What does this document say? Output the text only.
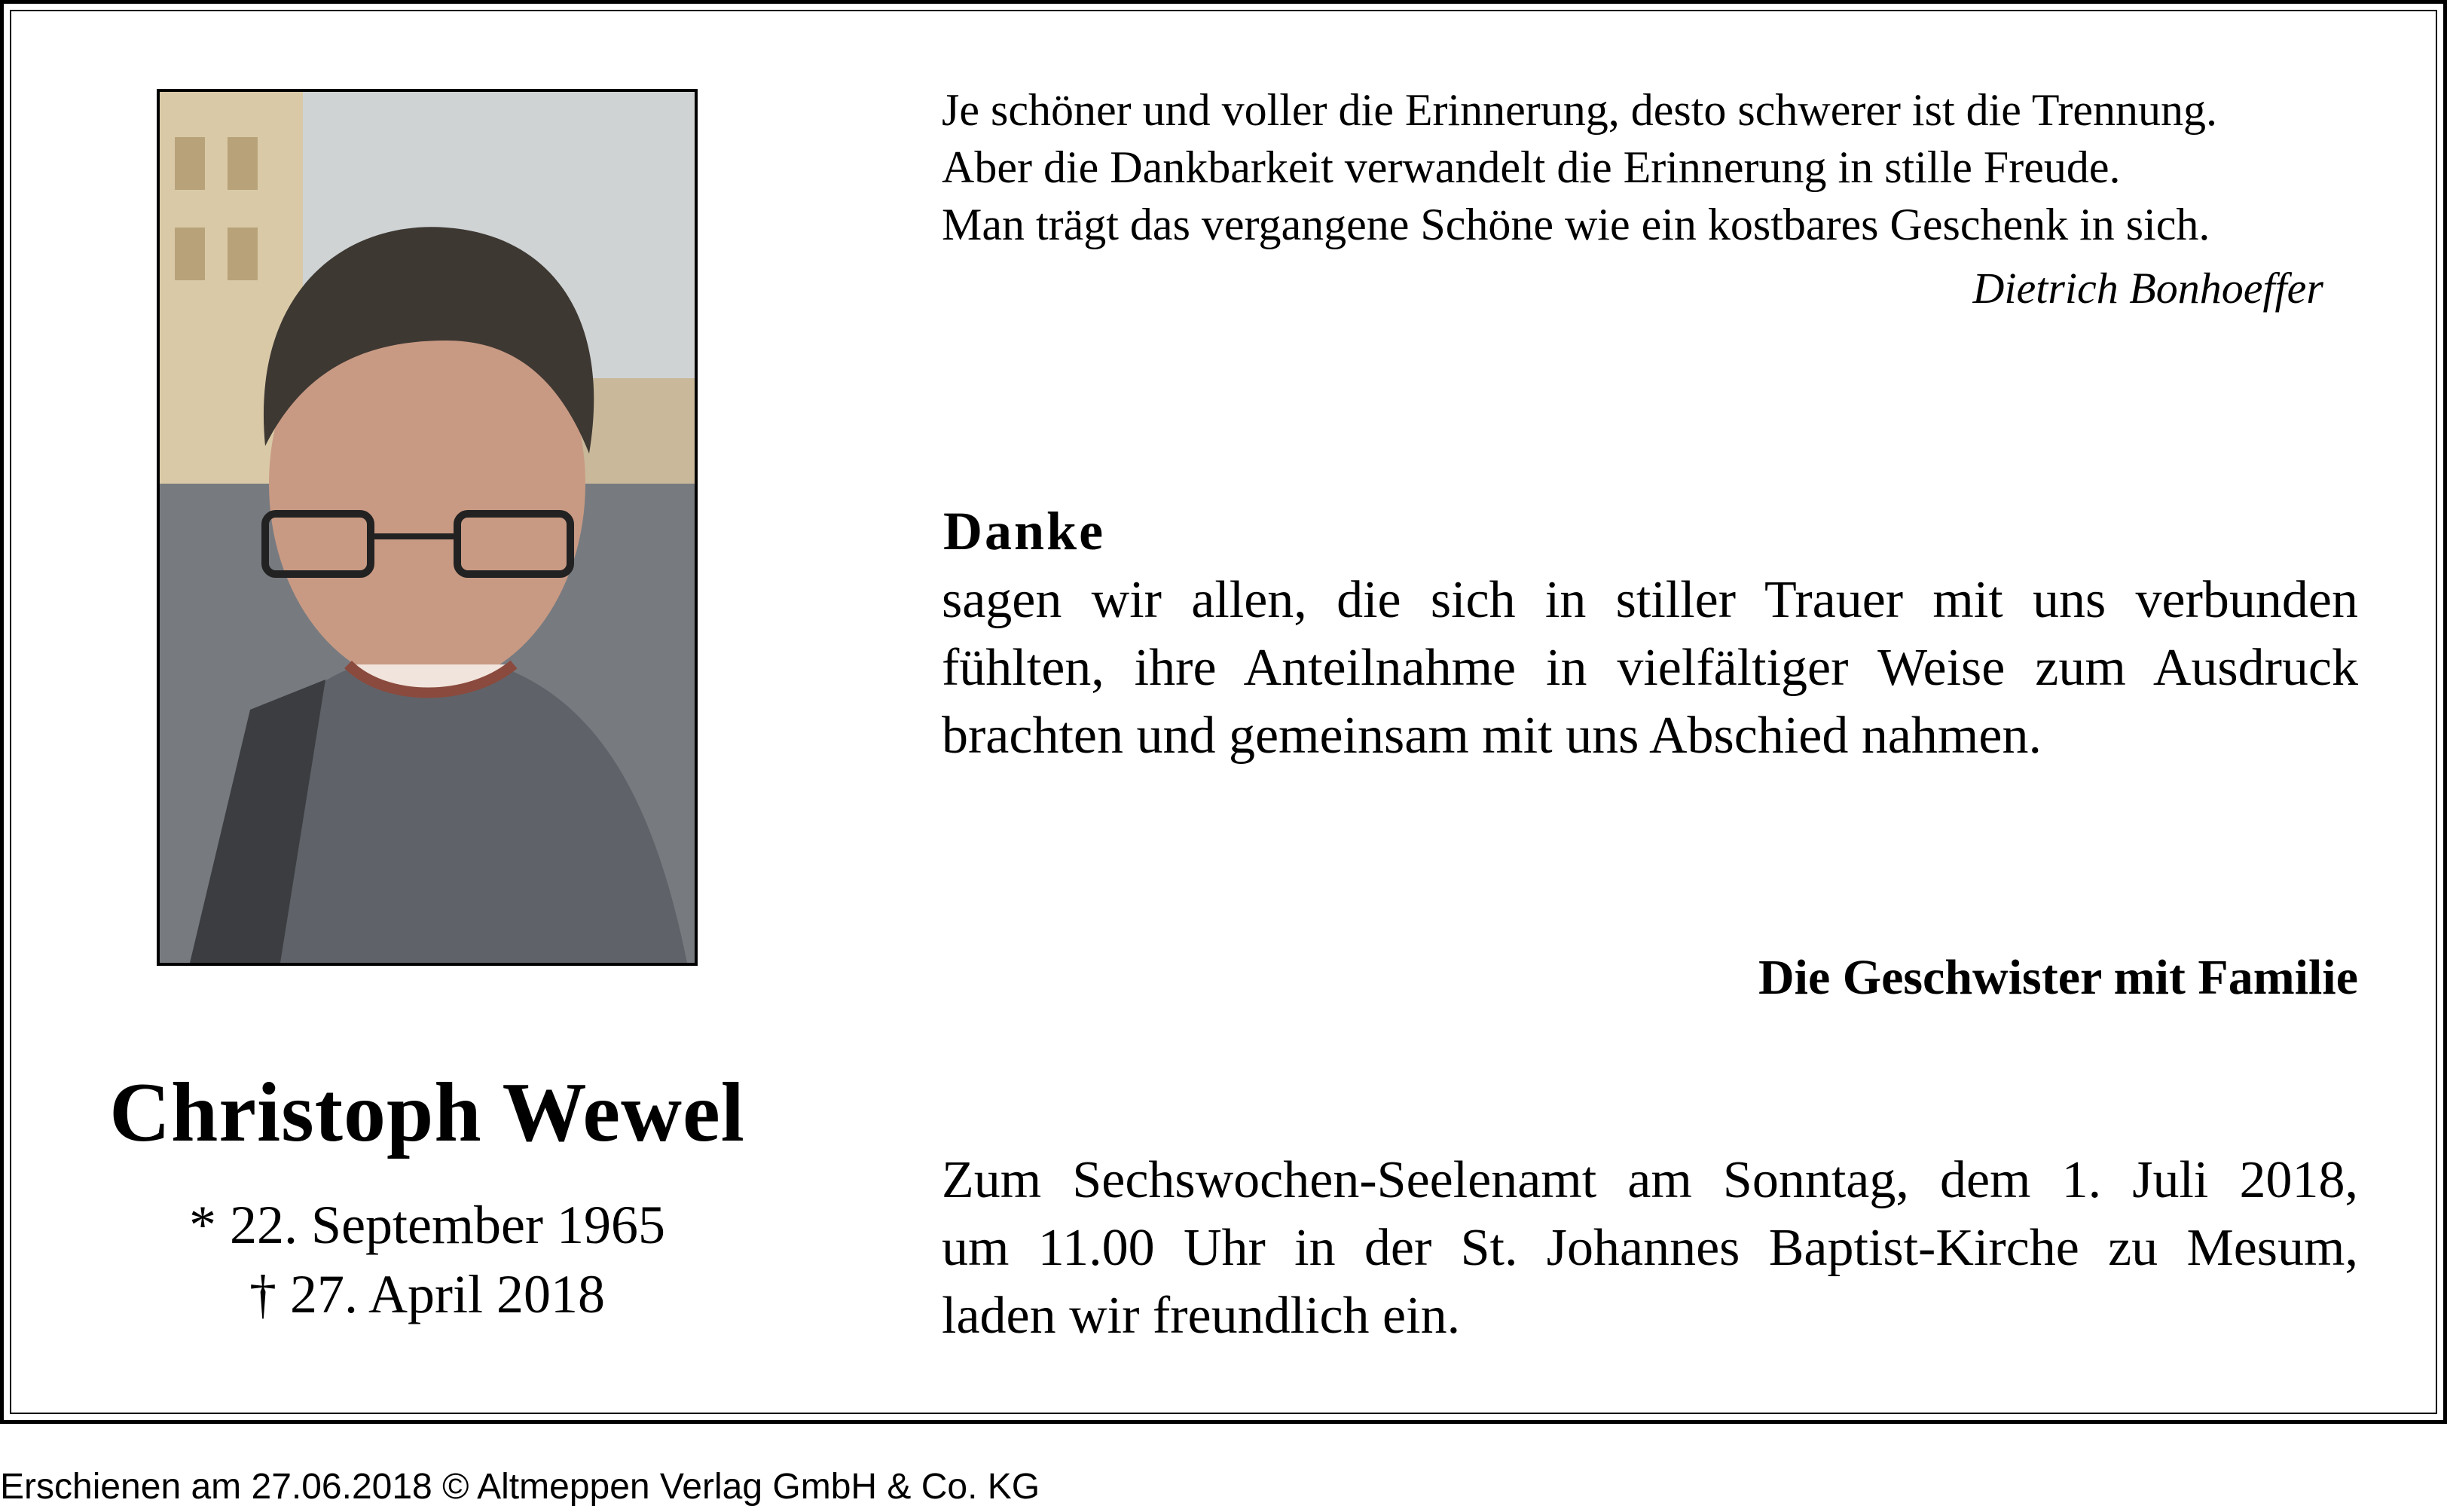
Christoph Wewel
* 22. September 1965
† 27. April 2018
Je schöner und voller die Erinnerung, desto schwerer ist die Trennung.
Aber die Dankbarkeit verwandelt die Erinnerung in stille Freude.
Man trägt das vergangene Schöne wie ein kostbares Geschenk in sich.
Dietrich Bonhoeffer
Danke
sagen wir allen, die sich in stiller Trauer mit uns verbunden
fühlten, ihre Anteilnahme in vielfältiger Weise zum Ausdruck
brachten und gemeinsam mit uns Abschied nahmen.
Die Geschwister mit Familie
Zum Sechswochen-Seelenamt am Sonntag, dem 1. Juli 2018,
um 11.00 Uhr in der St. Johannes Baptist-Kirche zu Mesum,
laden wir freundlich ein.
Erschienen am 27.06.2018 © Altmeppen Verlag GmbH & Co. KG
